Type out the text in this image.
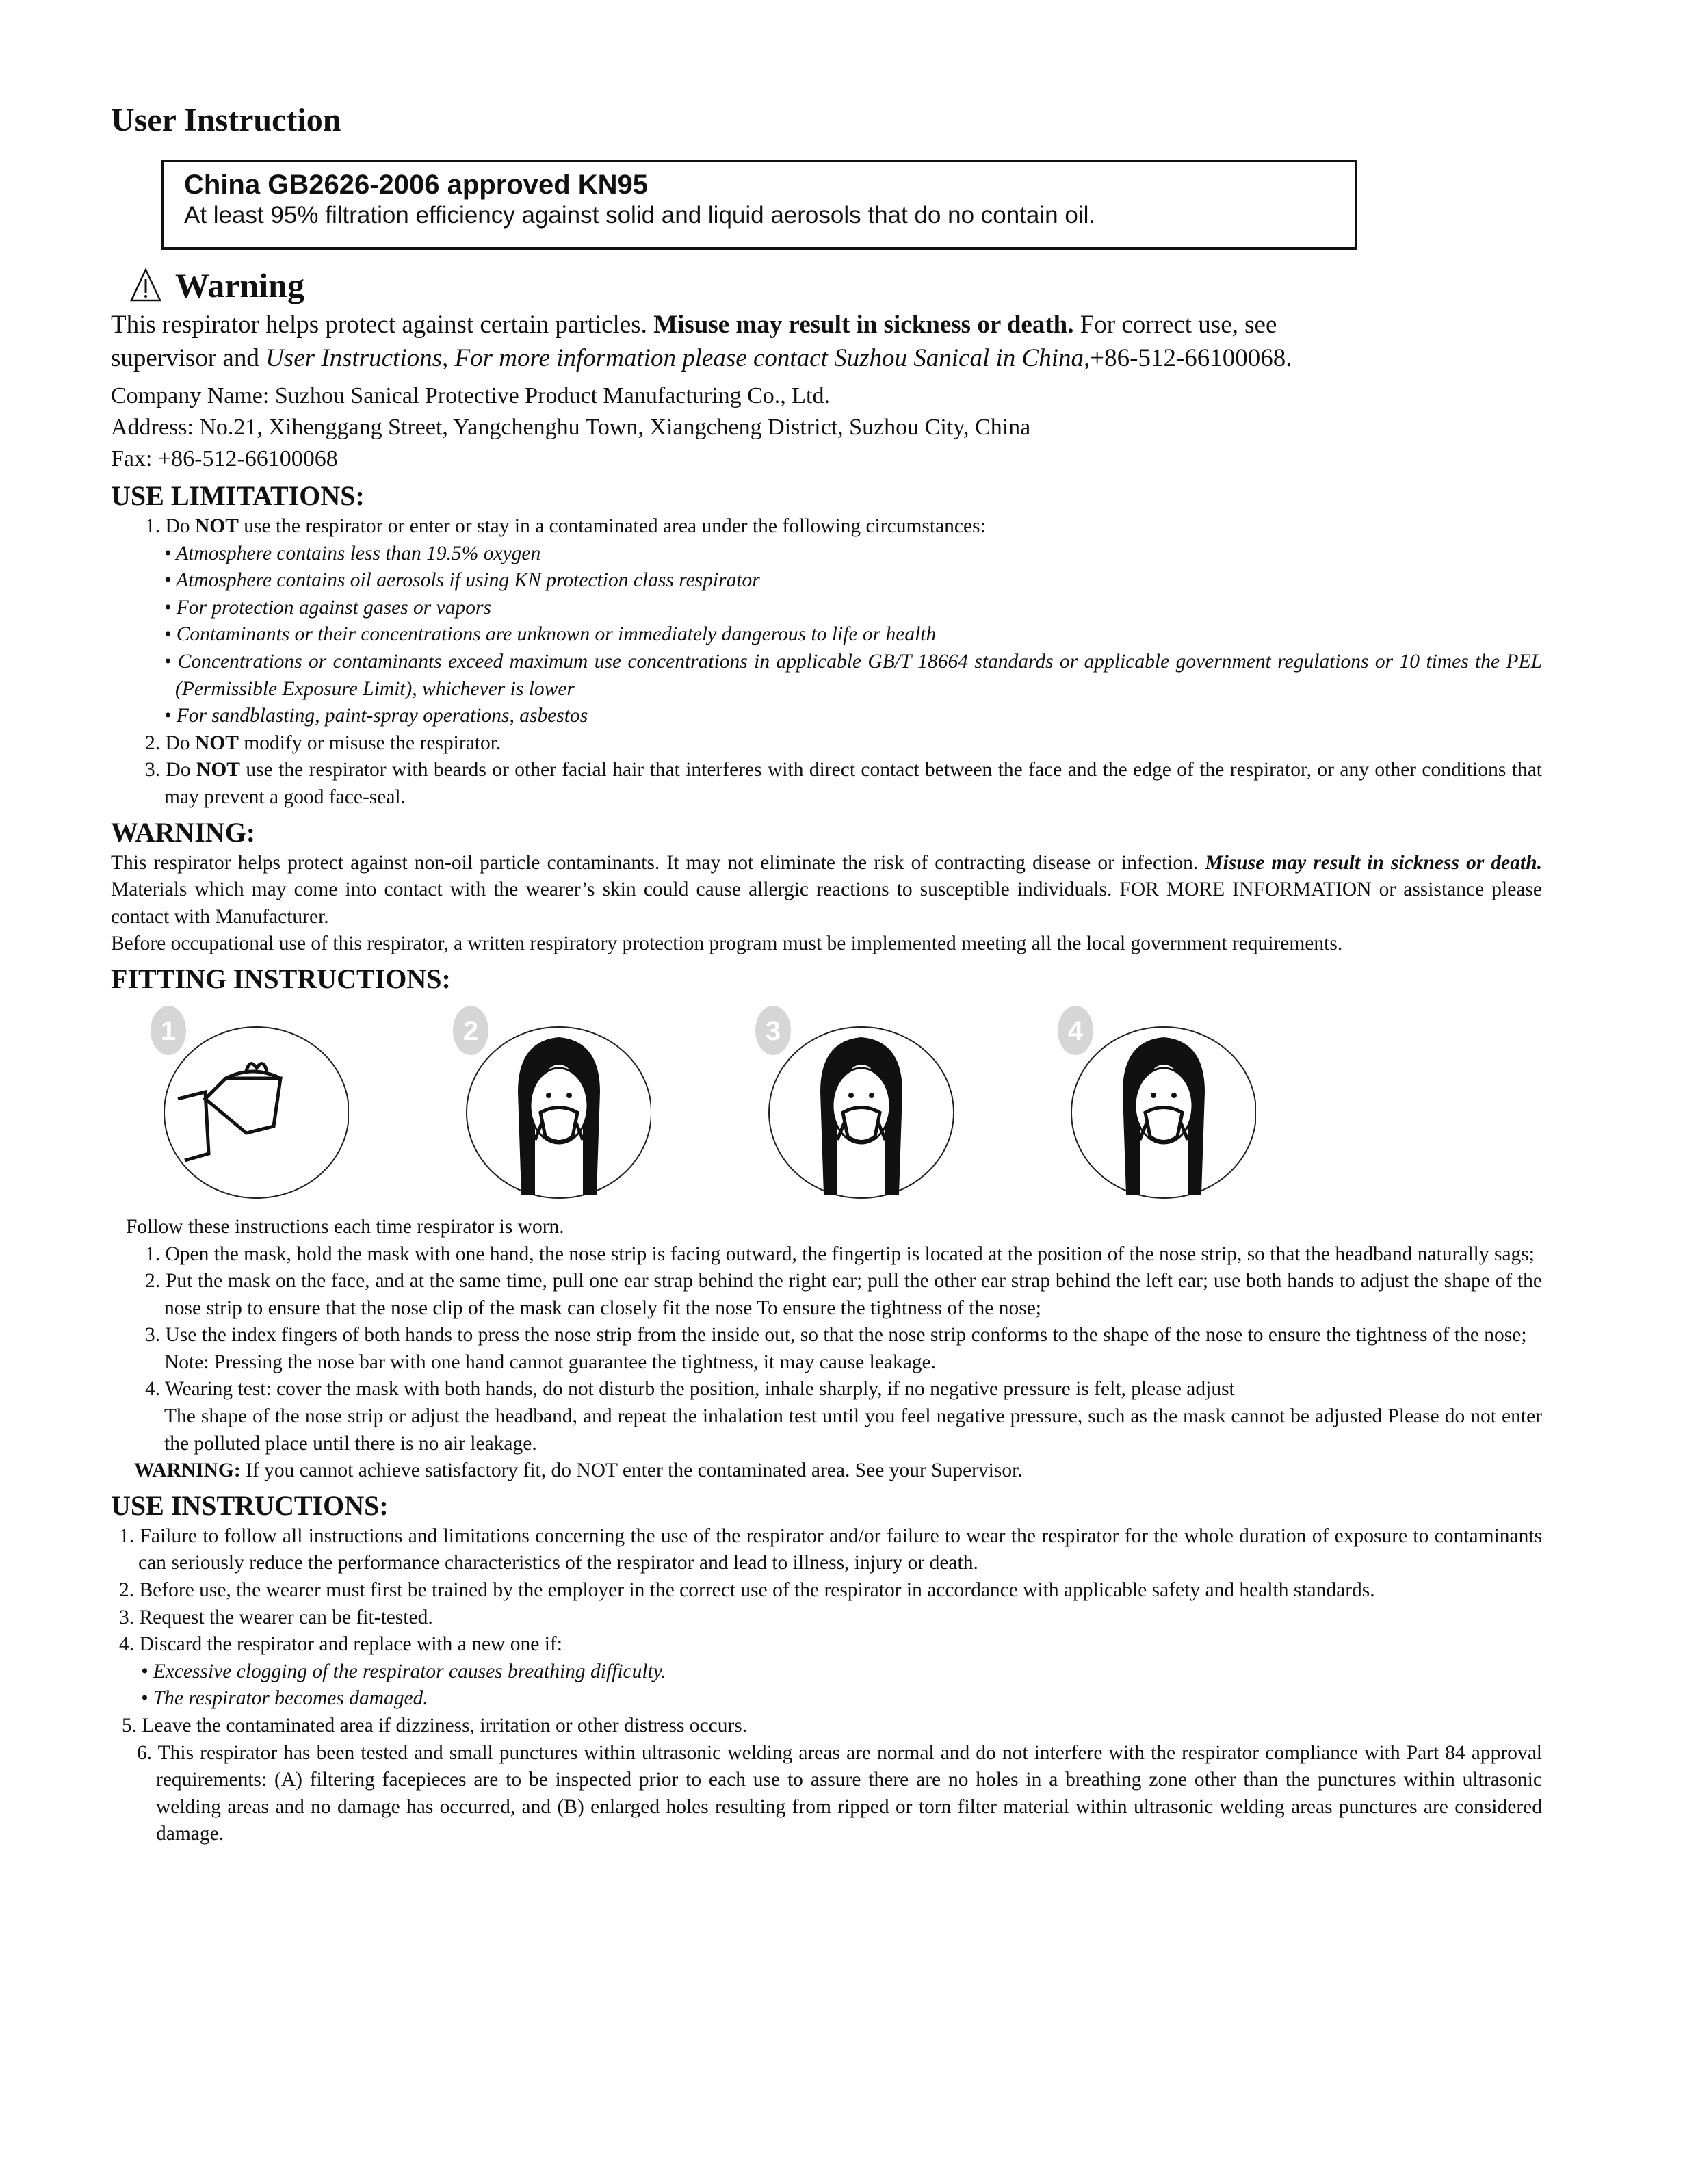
User Instruction
China GB2626-2006 approved KN95
At least 95% filtration efficiency against solid and liquid aerosols that do no contain oil.
Warning

This respirator helps protect against certain particles. Misuse may result in sickness or death. For correct use, see

supervisor and User Instructions, For more information please contact Suzhou Sanical in China,+86-512-66100068.

Company Name: Suzhou Sanical Protective Product Manufacturing Co., Ltd.

Address: No.21, Xihenggang Street, Yangchenghu Town, Xiangcheng District, Suzhou City, China

Fax: +86-512-66100068

USE LIMITATIONS:

1. Do NOT use the respirator or enter or stay in a contaminated area under the following circumstances:

• Atmosphere contains less than 19.5% oxygen

• Atmosphere contains oil aerosols if using KN protection class respirator

• For protection against gases or vapors

• Contaminants or their concentrations are unknown or immediately dangerous to life or health

• Concentrations or contaminants exceed maximum use concentrations in applicable GB/T 18664 standards or applicable government regulations or 10 times the PEL (Permissible Exposure Limit), whichever is lower

• For sandblasting, paint-spray operations, asbestos

2. Do NOT modify or misuse the respirator.

3. Do NOT use the respirator with beards or other facial hair that interferes with direct contact between the face and the edge of the respirator, or any other conditions that may prevent a good face-seal.

WARNING:

This respirator helps protect against non-oil particle contaminants. It may not eliminate the risk of contracting disease or infection. Misuse may result in sickness or death.    Materials which may come into contact with the wearer’s skin could cause allergic reactions to susceptible individuals. FOR MORE INFORMATION or assistance please contact with Manufacturer.

Before occupational use of this respirator, a written respiratory protection program must be implemented meeting all the local government requirements.

FITTING INSTRUCTIONS:
1	2	3	4

Follow these instructions each time respirator is worn.

1. Open the mask, hold the mask with one hand, the nose strip is facing outward, the fingertip is located at the position of the nose strip, so that the headband naturally sags;

2. Put the mask on the face, and at the same time, pull one ear strap behind the right ear; pull the other ear strap behind the left ear; use both hands to adjust the shape of the nose strip to ensure that the nose clip of the mask can closely fit the nose To ensure the tightness of the nose;

3. Use the index fingers of both hands to press the nose strip from the inside out, so that the nose strip conforms to the shape of the nose to ensure the tightness of the nose;

Note: Pressing the nose bar with one hand cannot guarantee the tightness, it may cause leakage.

4. Wearing test: cover the mask with both hands, do not disturb the position, inhale sharply, if no negative pressure is felt, please adjust

The shape of the nose strip or adjust the headband, and repeat the inhalation test until you feel negative pressure, such as the mask cannot be adjusted Please do not enter the polluted place until there is no air leakage.

WARNING: If you cannot achieve satisfactory fit, do NOT enter the contaminated area. See your Supervisor.

USE INSTRUCTIONS:

1. Failure to follow all instructions and limitations concerning the use of the respirator and/or failure to wear the respirator for the whole duration of exposure to contaminants can seriously reduce the performance characteristics of the respirator and lead to illness, injury or death.

2. Before use, the wearer must first be trained by the employer in the correct use of the respirator in accordance with applicable safety and health standards.

3. Request the wearer can be fit-tested.

4. Discard the respirator and replace with a new one if:

• Excessive clogging of the respirator causes breathing difficulty.

• The respirator becomes damaged.

5. Leave the contaminated area if dizziness, irritation or other distress occurs.

6. This respirator has been tested and small punctures within ultrasonic welding areas are normal and do not interfere with the respirator compliance with Part 84 approval requirements: (A) filtering facepieces are to be inspected prior to each use to assure there are no holes in a breathing zone other than the punctures within ultrasonic welding areas and no damage has occurred, and (B) enlarged holes resulting from ripped or torn filter material within ultrasonic welding areas punctures are considered damage.
